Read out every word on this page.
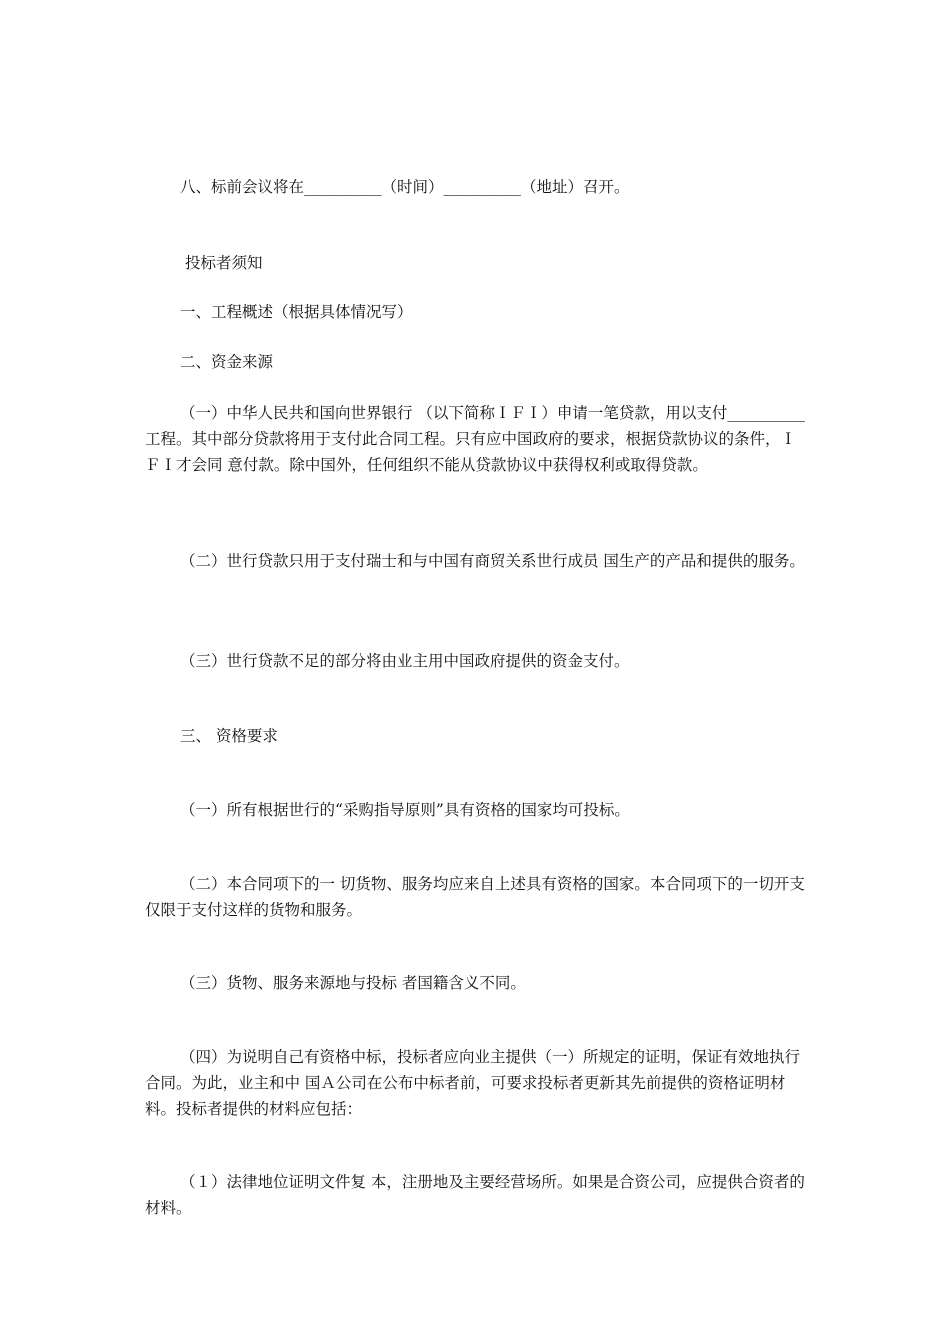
八、标前会议将在__________（时间）__________（地址）召开。

投标者须知

一、工程概述（根据具体情况写）

二、资金来源

（一）中华人民共和国向世界银行 （以下简称ＩＦＩ）申请一笔贷款，用以支付__________工程。其中部分贷款将用于支付此合同工程。只有应中国政府的要求，根据贷款协议的条件，ＩＦＩ才会同 意付款。除中国外，任何组织不能从贷款协议中获得权利或取得贷款。

（二）世行贷款只用于支付瑞士和与中国有商贸关系世行成员 国生产的产品和提供的服务。

（三）世行贷款不足的部分将由业主用中国政府提供的资金支付。

三、 资格要求

（一）所有根据世行的“采购指导原则”具有资格的国家均可投标。

（二）本合同项下的一 切货物、服务均应来自上述具有资格的国家。本合同项下的一切开支仅限于支付这样的货物和服务。

（三）货物、服务来源地与投标 者国籍含义不同。

（四）为说明自己有资格中标，投标者应向业主提供（一）所规定的证明，保证有效地执行合同。为此，业主和中 国Ａ公司在公布中标者前，可要求投标者更新其先前提供的资格证明材料。投标者提供的材料应包括：

（１）法律地位证明文件复 本，注册地及主要经营场所。如果是合资公司，应提供合资者的材料。
